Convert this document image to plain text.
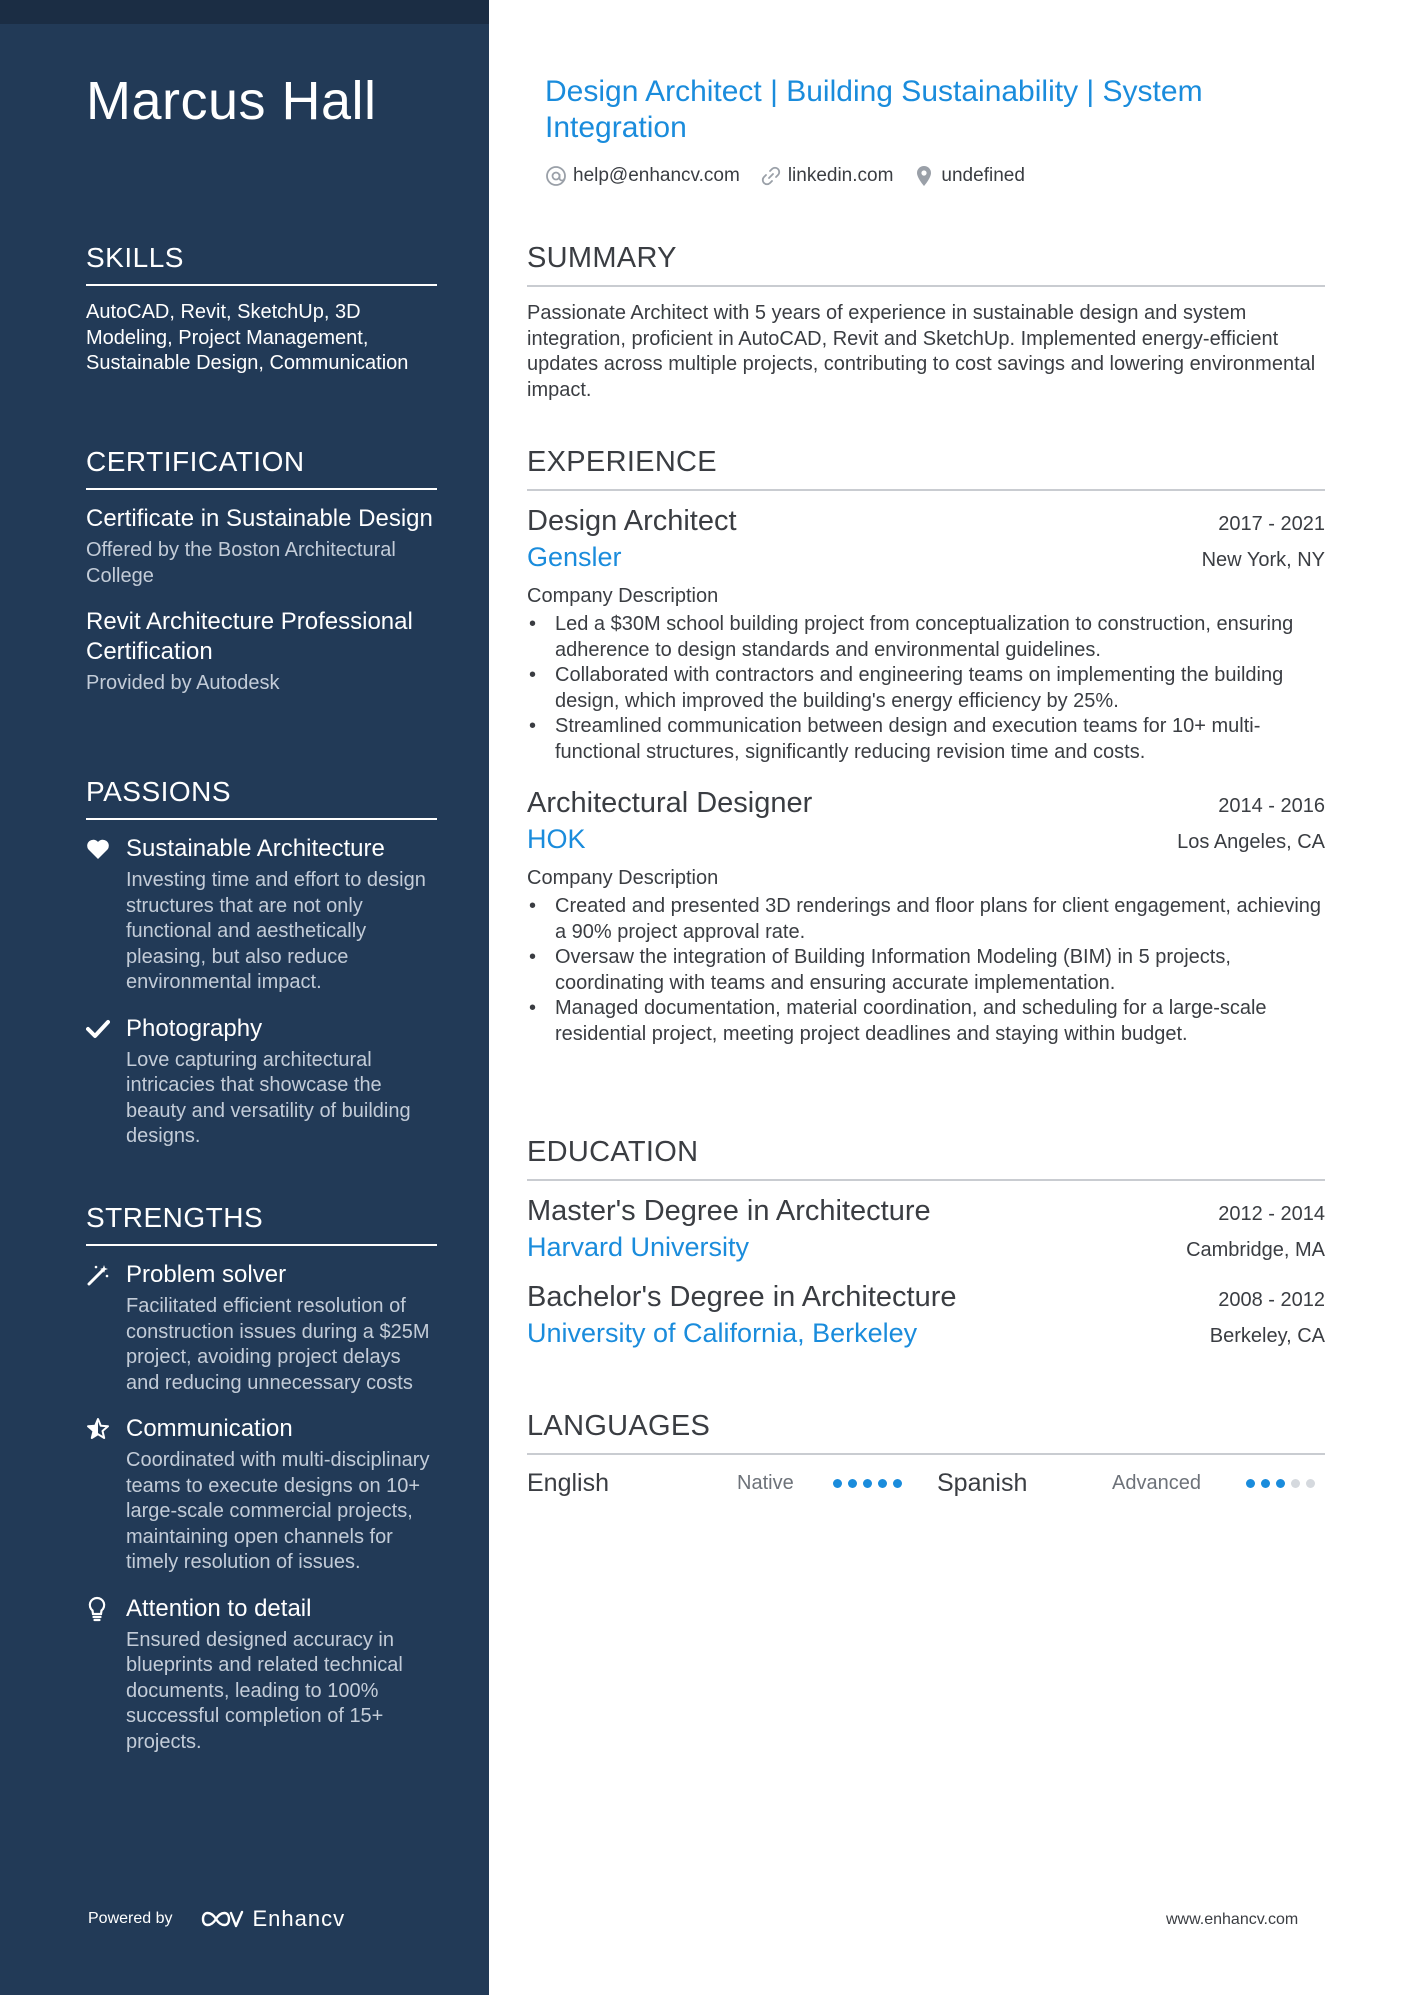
Marcus Hall
SKILLS
AutoCAD, Revit, SketchUp, 3D Modeling, Project Management, Sustainable Design, Communication
CERTIFICATION
Certificate in Sustainable Design
Offered by the Boston Architectural College
Revit Architecture Professional Certification
Provided by Autodesk
PASSIONS
Sustainable Architecture
Investing time and effort to design structures that are not only functional and aesthetically pleasing, but also reduce environmental impact.
Photography
Love capturing architectural intricacies that showcase the beauty and versatility of building designs.
STRENGTHS
Problem solver
Facilitated efficient resolution of construction issues during a $25M project, avoiding project delays and reducing unnecessary costs
Communication
Coordinated with multi-disciplinary teams to execute designs on 10+ large-scale commercial projects, maintaining open channels for timely resolution of issues.
Attention to detail
Ensured designed accuracy in blueprints and related technical documents, leading to 100% successful completion of 15+ projects.
Powered by	Enhancv
Design Architect | Building Sustainability | System Integration
help@enhancv.com	linkedin.com	undefined
SUMMARY
Passionate Architect with 5 years of experience in sustainable design and system integration, proficient in AutoCAD, Revit and SketchUp. Implemented energy-efficient updates across multiple projects, contributing to cost savings and lowering environmental impact.
EXPERIENCE
Design Architect	2017 - 2021
Gensler	New York, NY
Company Description
• Led a $30M school building project from conceptualization to construction, ensuring adherence to design standards and environmental guidelines.
• Collaborated with contractors and engineering teams on implementing the building design, which improved the building's energy efficiency by 25%.
• Streamlined communication between design and execution teams for 10+ multi-functional structures, significantly reducing revision time and costs.
Architectural Designer	2014 - 2016
HOK	Los Angeles, CA
Company Description
• Created and presented 3D renderings and floor plans for client engagement, achieving a 90% project approval rate.
• Oversaw the integration of Building Information Modeling (BIM) in 5 projects, coordinating with teams and ensuring accurate implementation.
• Managed documentation, material coordination, and scheduling for a large-scale residential project, meeting project deadlines and staying within budget.
EDUCATION
Master's Degree in Architecture	2012 - 2014
Harvard University	Cambridge, MA
Bachelor's Degree in Architecture	2008 - 2012
University of California, Berkeley	Berkeley, CA
LANGUAGES
English	Native	Spanish	Advanced
www.enhancv.com
